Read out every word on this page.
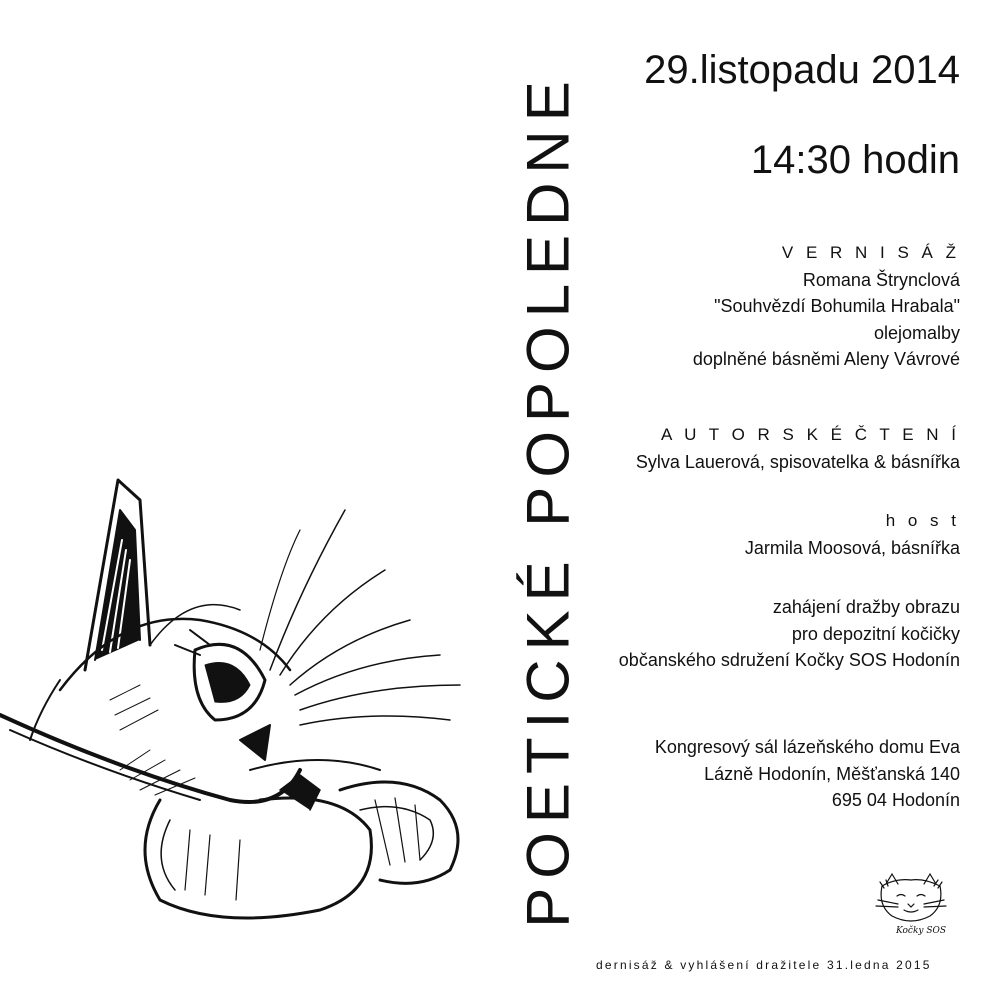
POETICKÉ POPOLEDNE
29.listopadu 2014
14:30 hodin
V E R N I S Á Ž
Romana Štrynclová
"Souhvězdí Bohumila Hrabala"
olejomalby
doplněné básněmi Aleny Vávrové
A U T O R S K É Č T E N Í
Sylva Lauerová, spisovatelka & básnířka
h o s t
Jarmila Moosová, básnířka
zahájení dražby obrazu
pro depozitní kočičky
občanského sdružení Kočky SOS Hodonín
Kongresový sál lázeňského domu Eva
Lázně Hodonín, Měšťanská 140
695 04 Hodonín
Kočky SOS
dernisáž & vyhlášení dražitele 31.ledna 2015
